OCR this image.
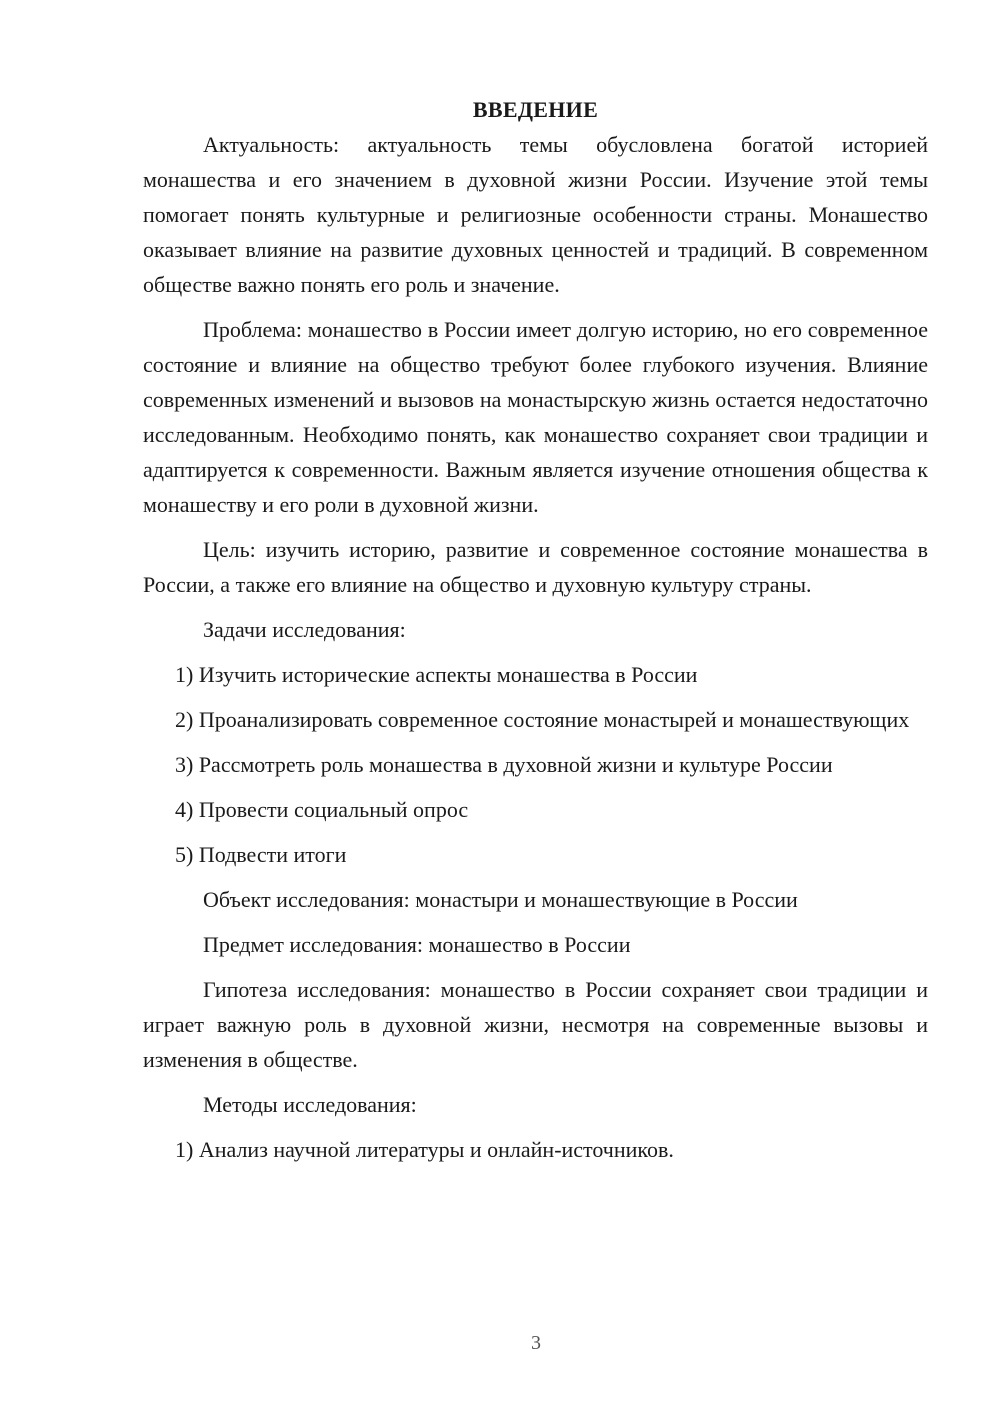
ВВЕДЕНИЕ

Актуальность: актуальность темы обусловлена богатой историей монашества и его значением в духовной жизни России. Изучение этой темы помогает понять культурные и религиозные особенности страны. Монашество оказывает влияние на развитие духовных ценностей и традиций. В современном обществе важно понять его роль и значение.

Проблема: монашество в России имеет долгую историю, но его современное состояние и влияние на общество требуют более глубокого изучения. Влияние современных изменений и вызовов на монастырскую жизнь остается недостаточно исследованным. Необходимо понять, как монашество сохраняет свои традиции и адаптируется к современности. Важным является изучение отношения общества к монашеству и его роли в духовной жизни.

Цель: изучить историю, развитие и современное состояние монашества в России, а также его влияние на общество и духовную культуру страны.

Задачи исследования:

1) Изучить исторические аспекты монашества в России

2) Проанализировать современное состояние монастырей и монашествующих

3) Рассмотреть роль монашества в духовной жизни и культуре России

4) Провести социальный опрос

5) Подвести итоги

Объект исследования: монастыри и монашествующие в России

Предмет исследования: монашество в России

Гипотеза исследования: монашество в России сохраняет свои традиции и играет важную роль в духовной жизни, несмотря на современные вызовы и изменения в обществе.

Методы исследования:

1) Анализ научной литературы и онлайн-источников.

3
